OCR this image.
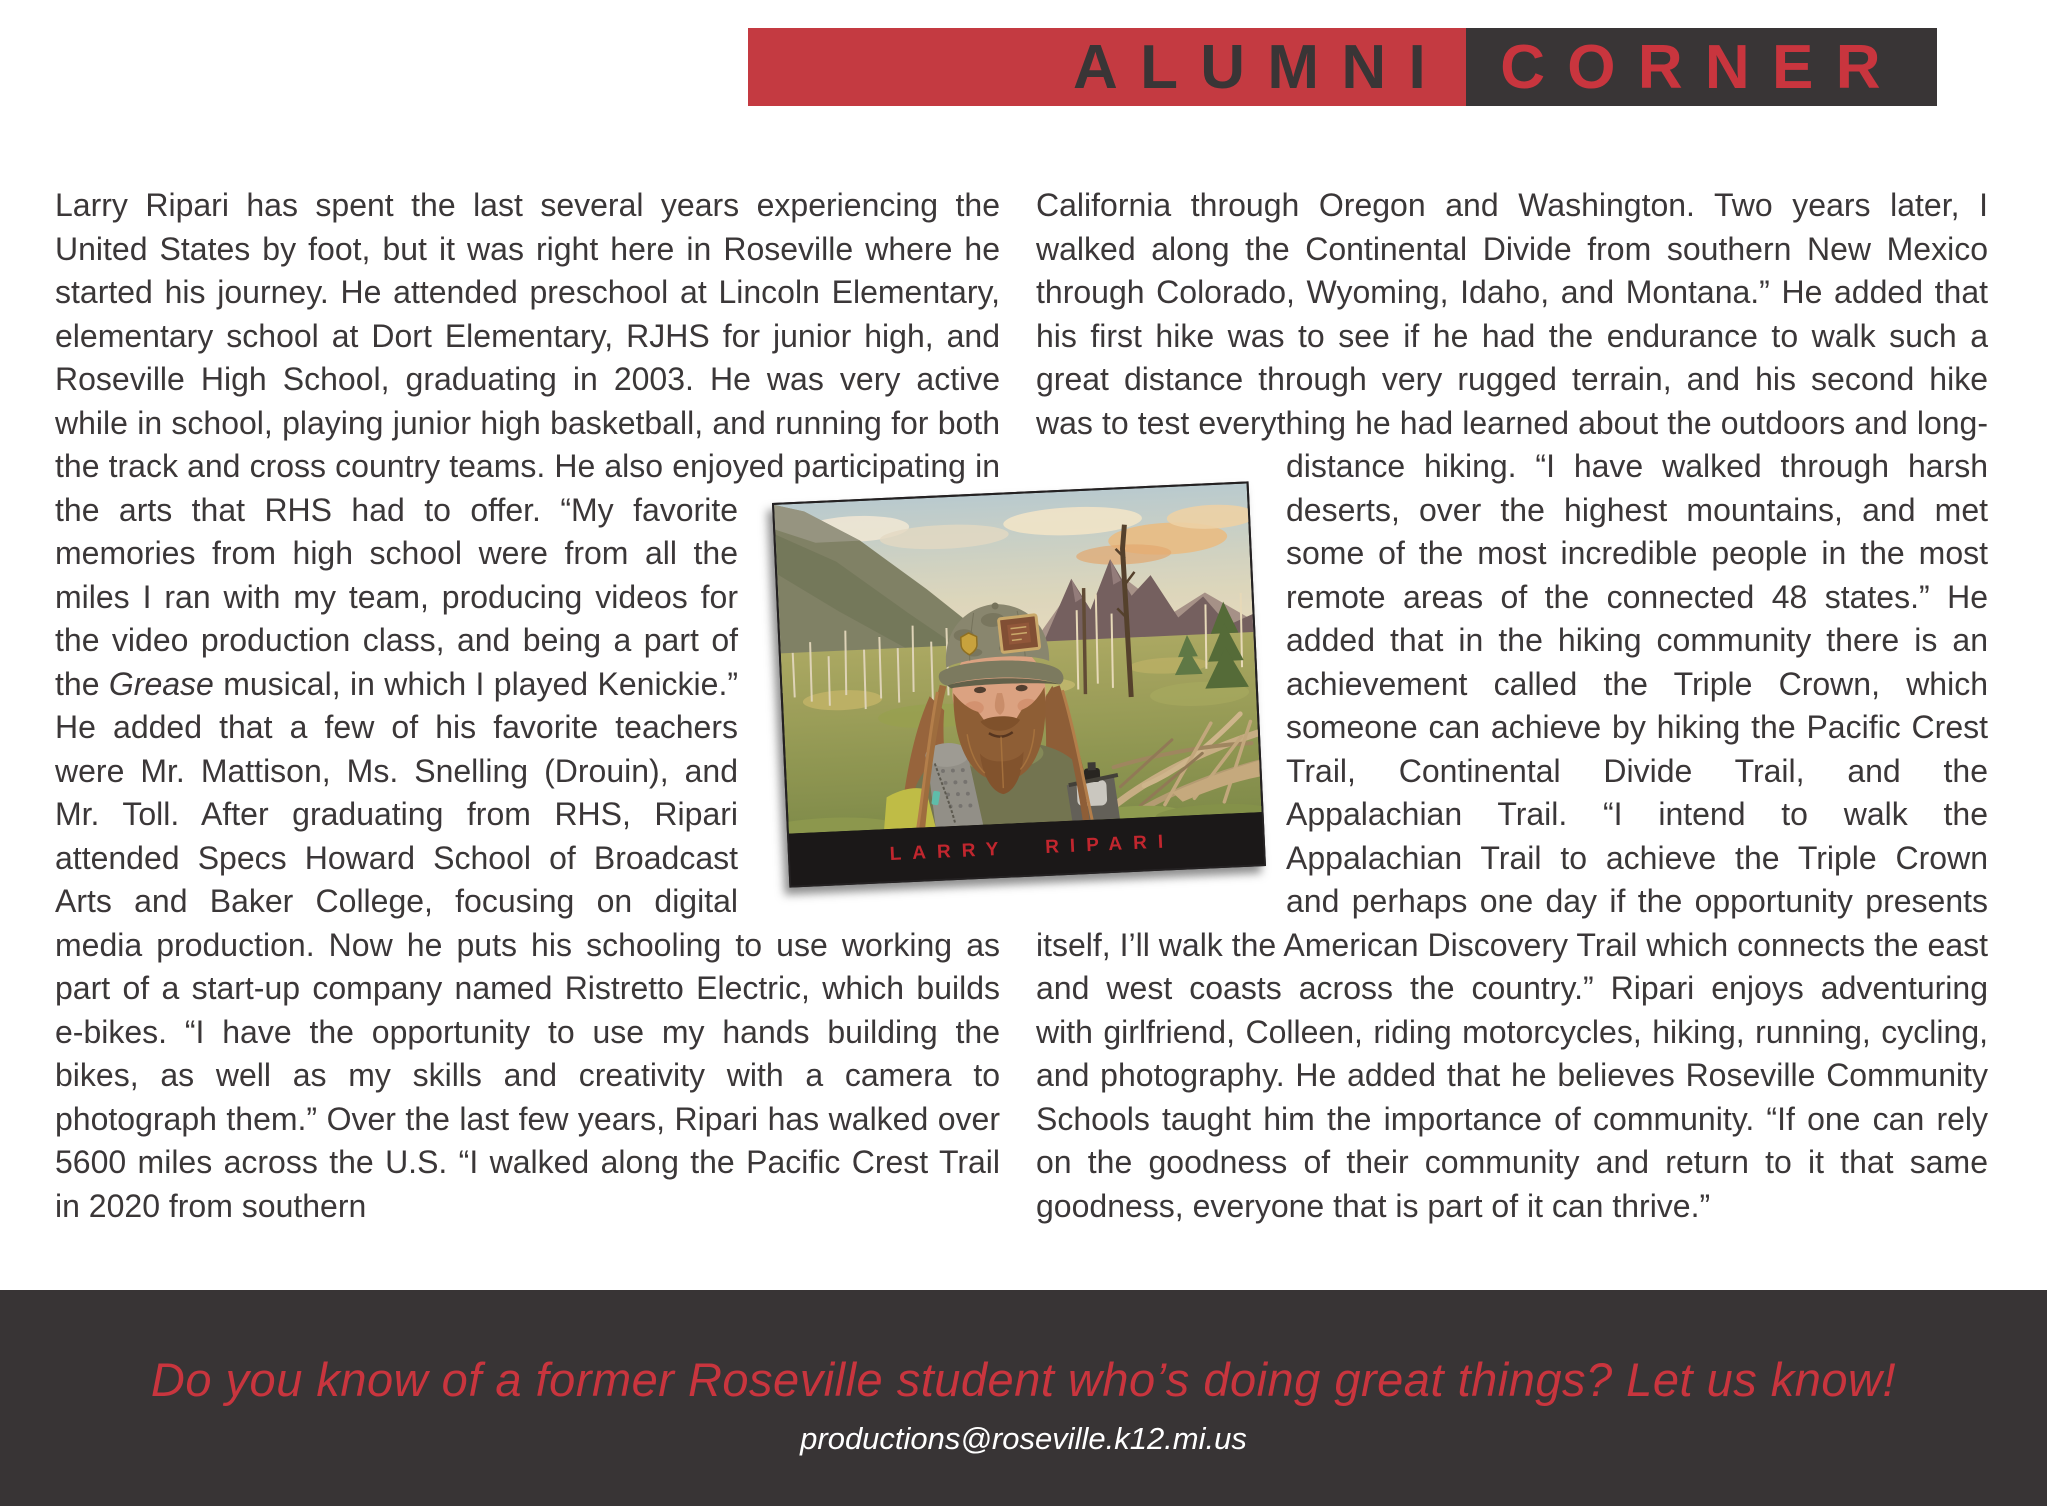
ALUMNI CORNER

Larry Ripari has spent the last several years experiencing the United States by foot, but it was right here in Roseville where he started his journey. He attended preschool at Lincoln Elementary, elementary school at Dort Elementary, RJHS for junior high, and Roseville High School, graduating in 2003. He was very active while in school, playing junior high basketball, and running for both the track and cross country teams. He also enjoyed participating in the arts that RHS had to offer. “My favorite memories from high school were from all the miles I ran with my team, producing videos for the video production class, and being a part of the Grease musical, in which I played Kenickie.” He added that a few of his favorite teachers were Mr. Mattison, Ms. Snelling (Drouin), and Mr. Toll. After graduating from RHS, Ripari attended Specs Howard School of Broadcast Arts and Baker College, focusing on digital media production. Now he puts his schooling to use working as part of a start-up company named Ristretto Electric, which builds e-bikes. “I have the opportunity to use my hands building the bikes, as well as my skills and creativity with a camera to photograph them.” Over the last few years, Ripari has walked over 5600 miles across the U.S. “I walked along the Pacific Crest Trail in 2020 from southern

California through Oregon and Washington. Two years later, I walked along the Continental Divide from southern New Mexico through Colorado, Wyoming, Idaho, and Montana.” He added that his first hike was to see if he had the endurance to walk such a great distance through very rugged terrain, and his second hike was to test everything he had learned about the outdoors and long-distance hiking. “I have walked through harsh deserts, over the highest mountains, and met some of the most incredible people in the most remote areas of the connected 48 states.” He added that in the hiking community there is an achievement called the Triple Crown, which someone can achieve by hiking the Pacific Crest Trail, Continental Divide Trail, and the Appalachian Trail. “I intend to walk the Appalachian Trail to achieve the Triple Crown and perhaps one day if the opportunity presents itself, I’ll walk the American Discovery Trail which connects the east and west coasts across the country.” Ripari enjoys adventuring with girlfriend, Colleen, riding motorcycles, hiking, running, cycling, and photography. He added that he believes Roseville Community Schools taught him the importance of community. “If one can rely on the goodness of their community and return to it that same goodness, everyone that is part of it can thrive.”

LARRY RIPARI
Do you know of a former Roseville student who’s doing great things? Let us know!
productions@roseville.k12.mi.us
